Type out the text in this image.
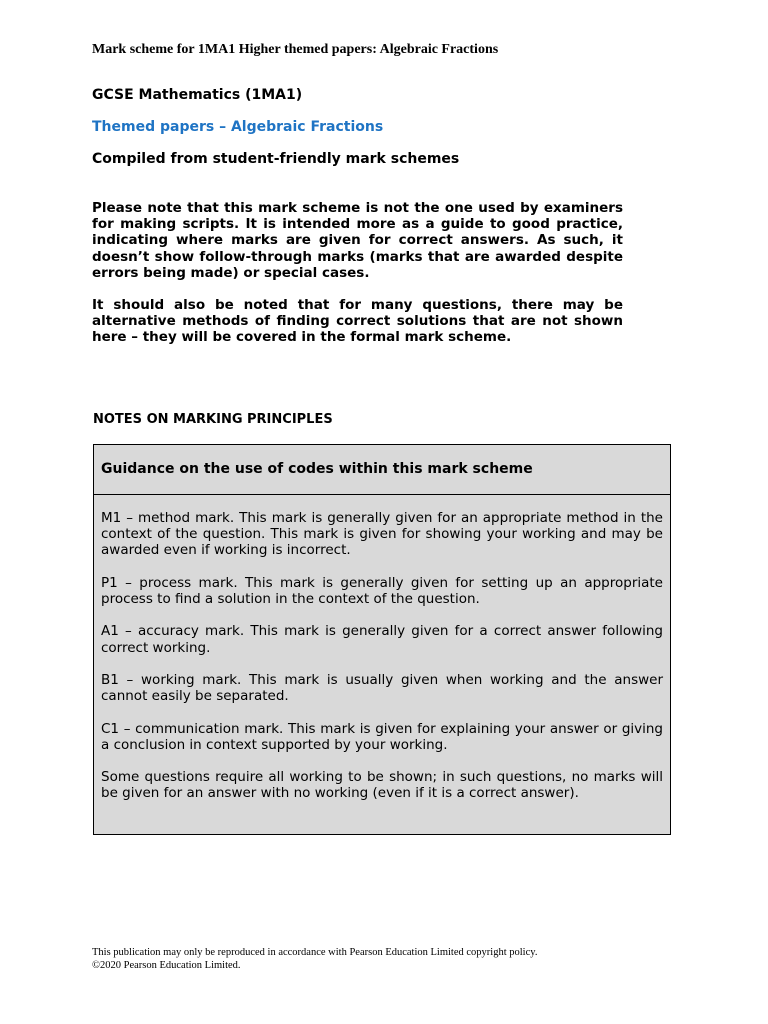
Mark scheme for 1MA1 Higher themed papers: Algebraic Fractions
GCSE Mathematics (1MA1)
Themed papers – Algebraic Fractions
Compiled from student-friendly mark schemes

Please note that this mark scheme is not the one used by examiners for making scripts. It is intended more as a guide to good practice, indicating where marks are given for correct answers. As such, it doesn’t show follow-through marks (marks that are awarded despite errors being made) or special cases.

It should also be noted that for many questions, there may be alternative methods of finding correct solutions that are not shown here – they will be covered in the formal mark scheme.

NOTES ON MARKING PRINCIPLES
Guidance on the use of codes within this mark scheme
M1 – method mark. This mark is generally given for an appropriate method in the context of the question. This mark is given for showing your working and may be awarded even if working is incorrect.
P1 – process mark. This mark is generally given for setting up an appropriate process to find a solution in the context of the question.
A1 – accuracy mark. This mark is generally given for a correct answer following correct working.
B1 – working mark. This mark is usually given when working and the answer cannot easily be separated.
C1 – communication mark. This mark is given for explaining your answer or giving a conclusion in context supported by your working.
Some questions require all working to be shown; in such questions, no marks will be given for an answer with no working (even if it is a correct answer).
This publication may only be reproduced in accordance with Pearson Education Limited copyright policy.
©2020 Pearson Education Limited.
